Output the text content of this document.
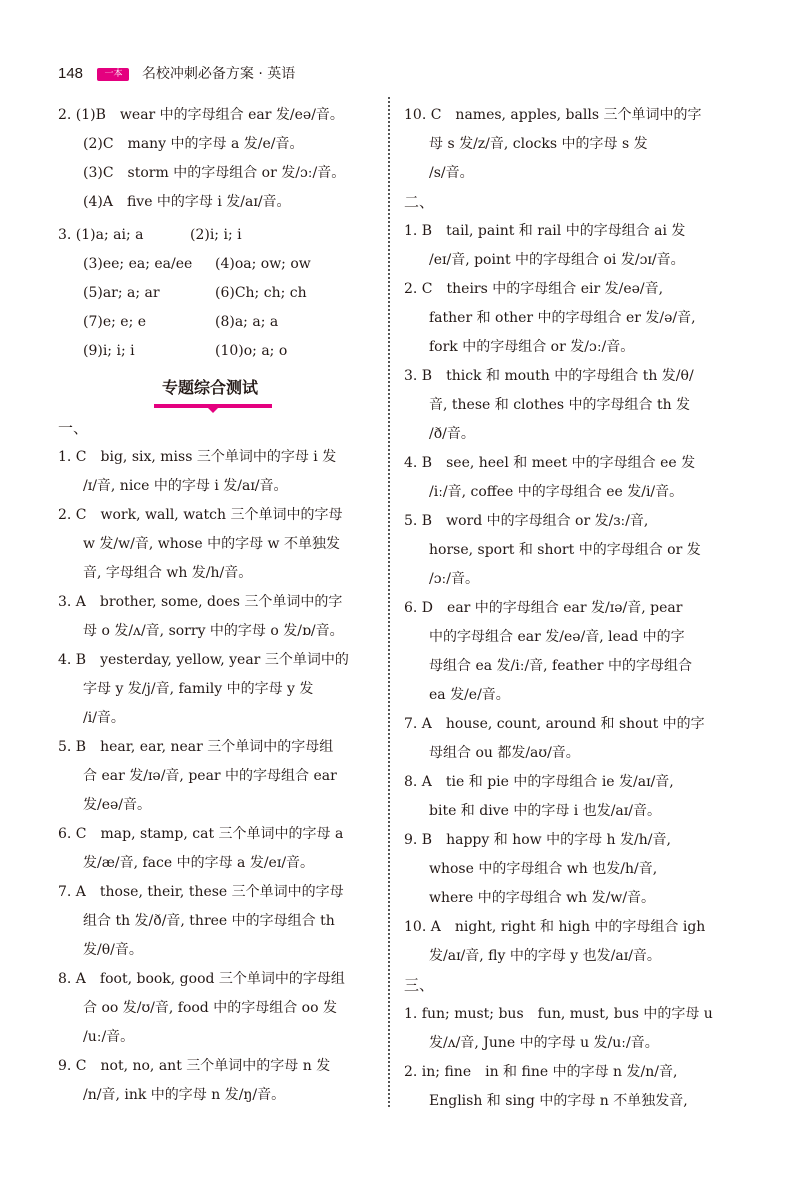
148 一本 名校冲刺必备方案 · 英语
2. (1)B　wear 中的字母组合 ear 发/eə/音。
(2)C　many 中的字母 a 发/e/音。
(3)C　storm 中的字母组合 or 发/ɔː/音。
(4)A　five 中的字母 i 发/aɪ/音。
3. (1)a; ai; a	(2)i; i; i
(3)ee; ea; ea/ee (4)oa; ow; ow
(5)ar; a; ar	(6)Ch; ch; ch
(7)e; e; e	(8)a; a; a
(9)i; i; i	(10)o; a; o
专题综合测试
一、
1. C　big, six, miss 三个单词中的字母 i 发
/ɪ/音, nice 中的字母 i 发/aɪ/音。
2. C　work, wall, watch 三个单词中的字母
w 发/w/音, whose 中的字母 w 不单独发
音, 字母组合 wh 发/h/音。
3. A　brother, some, does 三个单词中的字
母 o 发/ʌ/音, sorry 中的字母 o 发/ɒ/音。
4. B　yesterday, yellow, year 三个单词中的
字母 y 发/j/音, family 中的字母 y 发
/i/音。
5. B　hear, ear, near 三个单词中的字母组
合 ear 发/ɪə/音, pear 中的字母组合 ear
发/eə/音。
6. C　map, stamp, cat 三个单词中的字母 a
发/æ/音, face 中的字母 a 发/eɪ/音。
7. A　those, their, these 三个单词中的字母
组合 th 发/ð/音, three 中的字母组合 th
发/θ/音。
8. A　foot, book, good 三个单词中的字母组
合 oo 发/ʊ/音, food 中的字母组合 oo 发
/uː/音。
9. C　not, no, ant 三个单词中的字母 n 发
/n/音, ink 中的字母 n 发/ŋ/音。
10. C　names, apples, balls 三个单词中的字
母 s 发/z/音, clocks 中的字母 s 发
/s/音。
二、
1. B　tail, paint 和 rail 中的字母组合 ai 发
/eɪ/音, point 中的字母组合 oi 发/ɔɪ/音。
2. C　theirs 中的字母组合 eir 发/eə/音,
father 和 other 中的字母组合 er 发/ə/音,
fork 中的字母组合 or 发/ɔː/音。
3. B　thick 和 mouth 中的字母组合 th 发/θ/
音, these 和 clothes 中的字母组合 th 发
/ð/音。
4. B　see, heel 和 meet 中的字母组合 ee 发
/iː/音, coffee 中的字母组合 ee 发/i/音。
5. B　word 中的字母组合 or 发/ɜː/音,
horse, sport 和 short 中的字母组合 or 发
/ɔː/音。
6. D　ear 中的字母组合 ear 发/ɪə/音, pear
中的字母组合 ear 发/eə/音, lead 中的字
母组合 ea 发/iː/音, feather 中的字母组合
ea 发/e/音。
7. A　house, count, around 和 shout 中的字
母组合 ou 都发/aʊ/音。
8. A　tie 和 pie 中的字母组合 ie 发/aɪ/音,
bite 和 dive 中的字母 i 也发/aɪ/音。
9. B　happy 和 how 中的字母 h 发/h/音,
whose 中的字母组合 wh 也发/h/音,
where 中的字母组合 wh 发/w/音。
10. A　night, right 和 high 中的字母组合 igh
发/aɪ/音, fly 中的字母 y 也发/aɪ/音。
三、
1. fun; must; bus　fun, must, bus 中的字母 u
发/ʌ/音, June 中的字母 u 发/uː/音。
2. in; fine　in 和 fine 中的字母 n 发/n/音,
English 和 sing 中的字母 n 不单独发音,
